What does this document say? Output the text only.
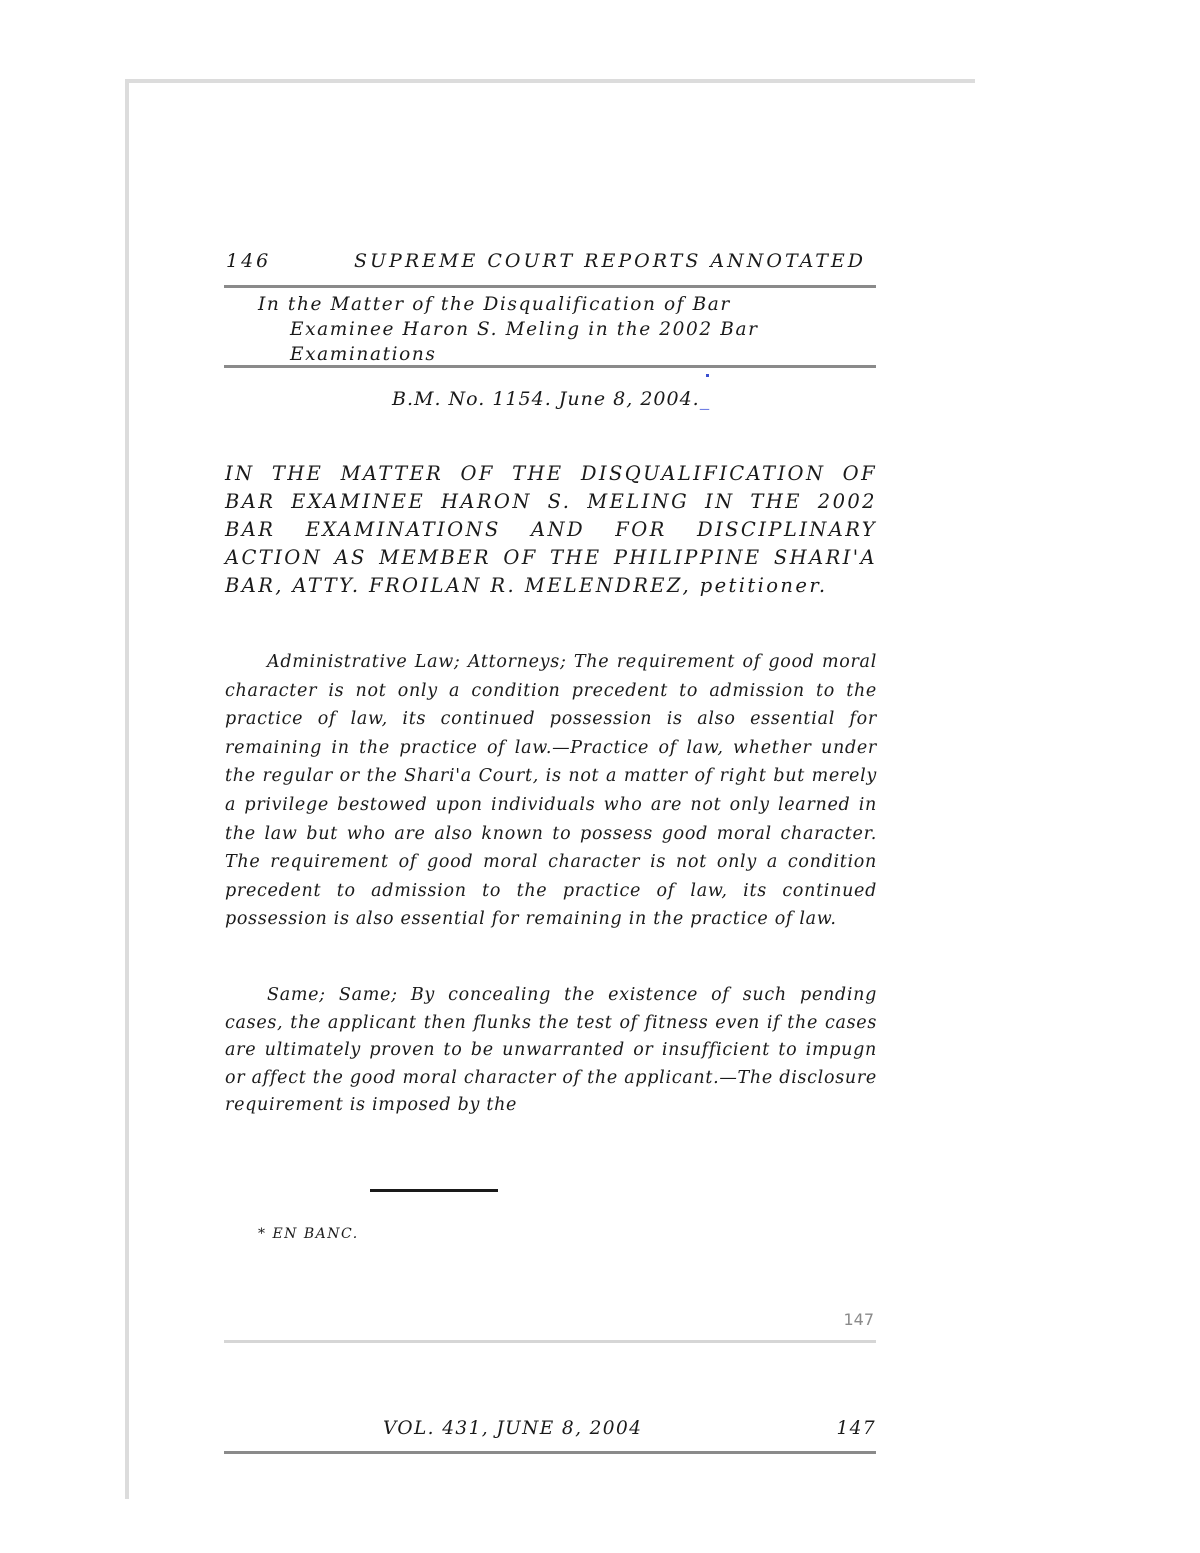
146	SUPREME COURT REPORTS ANNOTATED
In the Matter of the Disqualification of Bar
Examinee Haron S. Meling in the 2002 Bar
Examinations
B.M. No. 1154. June 8, 2004._
IN THE MATTER OF THE DISQUALIFICATION OF BAR EXAMINEE HARON S. MELING IN THE 2002 BAR EXAMINATIONS AND FOR DISCIPLINARY ACTION AS MEMBER OF THE PHILIPPINE SHARI'A BAR, ATTY. FROILAN R. MELENDREZ, petitioner.

Administrative Law; Attorneys; The requirement of good moral character is not only a condition precedent to admission to the practice of law, its continued possession is also essential for remaining in the practice of law.—Practice of law, whether under the regular or the Shari'a Court, is not a matter of right but merely a privilege bestowed upon individuals who are not only learned in the law but who are also known to possess good moral character. The requirement of good moral character is not only a condition precedent to admission to the practice of law, its continued possession is also essential for remaining in the practice of law.

Same; Same; By concealing the existence of such pending cases, the applicant then flunks the test of fitness even if the cases are ultimately proven to be unwarranted or insufficient to impugn or affect the good moral character of the applicant.—The disclosure requirement is imposed by the

* EN BANC.
147
VOL. 431, JUNE 8, 2004	147
